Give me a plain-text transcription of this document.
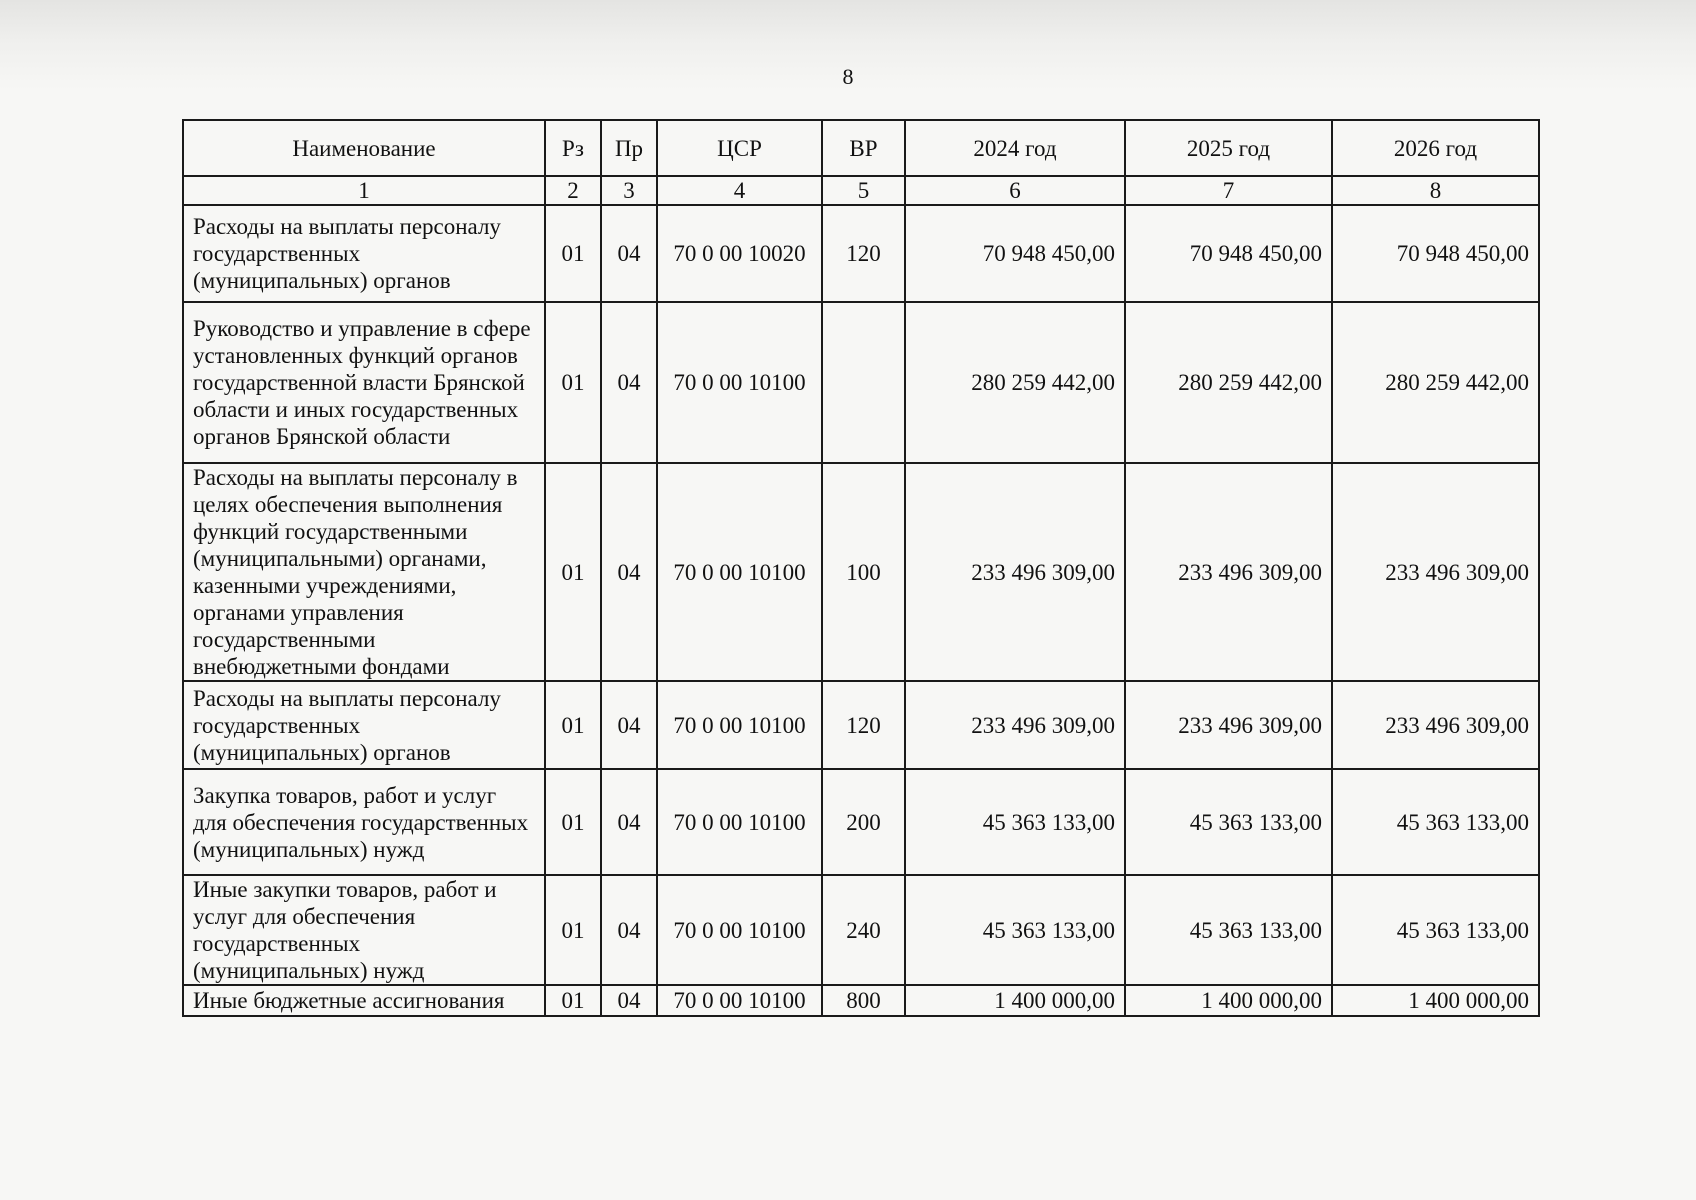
8
Наименование	Рз	Пр	ЦСР	ВР	2024 год	2025 год	2026 год
1	2	3	4	5	6	7	8
Расходы на выплаты персоналу государственных (муниципальных) органов	01	04	70 0 00 10020	120	70 948 450,00	70 948 450,00	70 948 450,00
Руководство и управление в сфере установленных функций органов государственной власти Брянской области и иных государственных органов Брянской области	01	04	70 0 00 10100		280 259 442,00	280 259 442,00	280 259 442,00
Расходы на выплаты персоналу в целях обеспечения выполнения функций государственными (муниципальными) органами, казенными учреждениями, органами управления государственными внебюджетными фондами	01	04	70 0 00 10100	100	233 496 309,00	233 496 309,00	233 496 309,00
Расходы на выплаты персоналу государственных (муниципальных) органов	01	04	70 0 00 10100	120	233 496 309,00	233 496 309,00	233 496 309,00
Закупка товаров, работ и услуг для обеспечения государственных (муниципальных) нужд	01	04	70 0 00 10100	200	45 363 133,00	45 363 133,00	45 363 133,00
Иные закупки товаров, работ и услуг для обеспечения государственных (муниципальных) нужд	01	04	70 0 00 10100	240	45 363 133,00	45 363 133,00	45 363 133,00
Иные бюджетные ассигнования	01	04	70 0 00 10100	800	1 400 000,00	1 400 000,00	1 400 000,00
